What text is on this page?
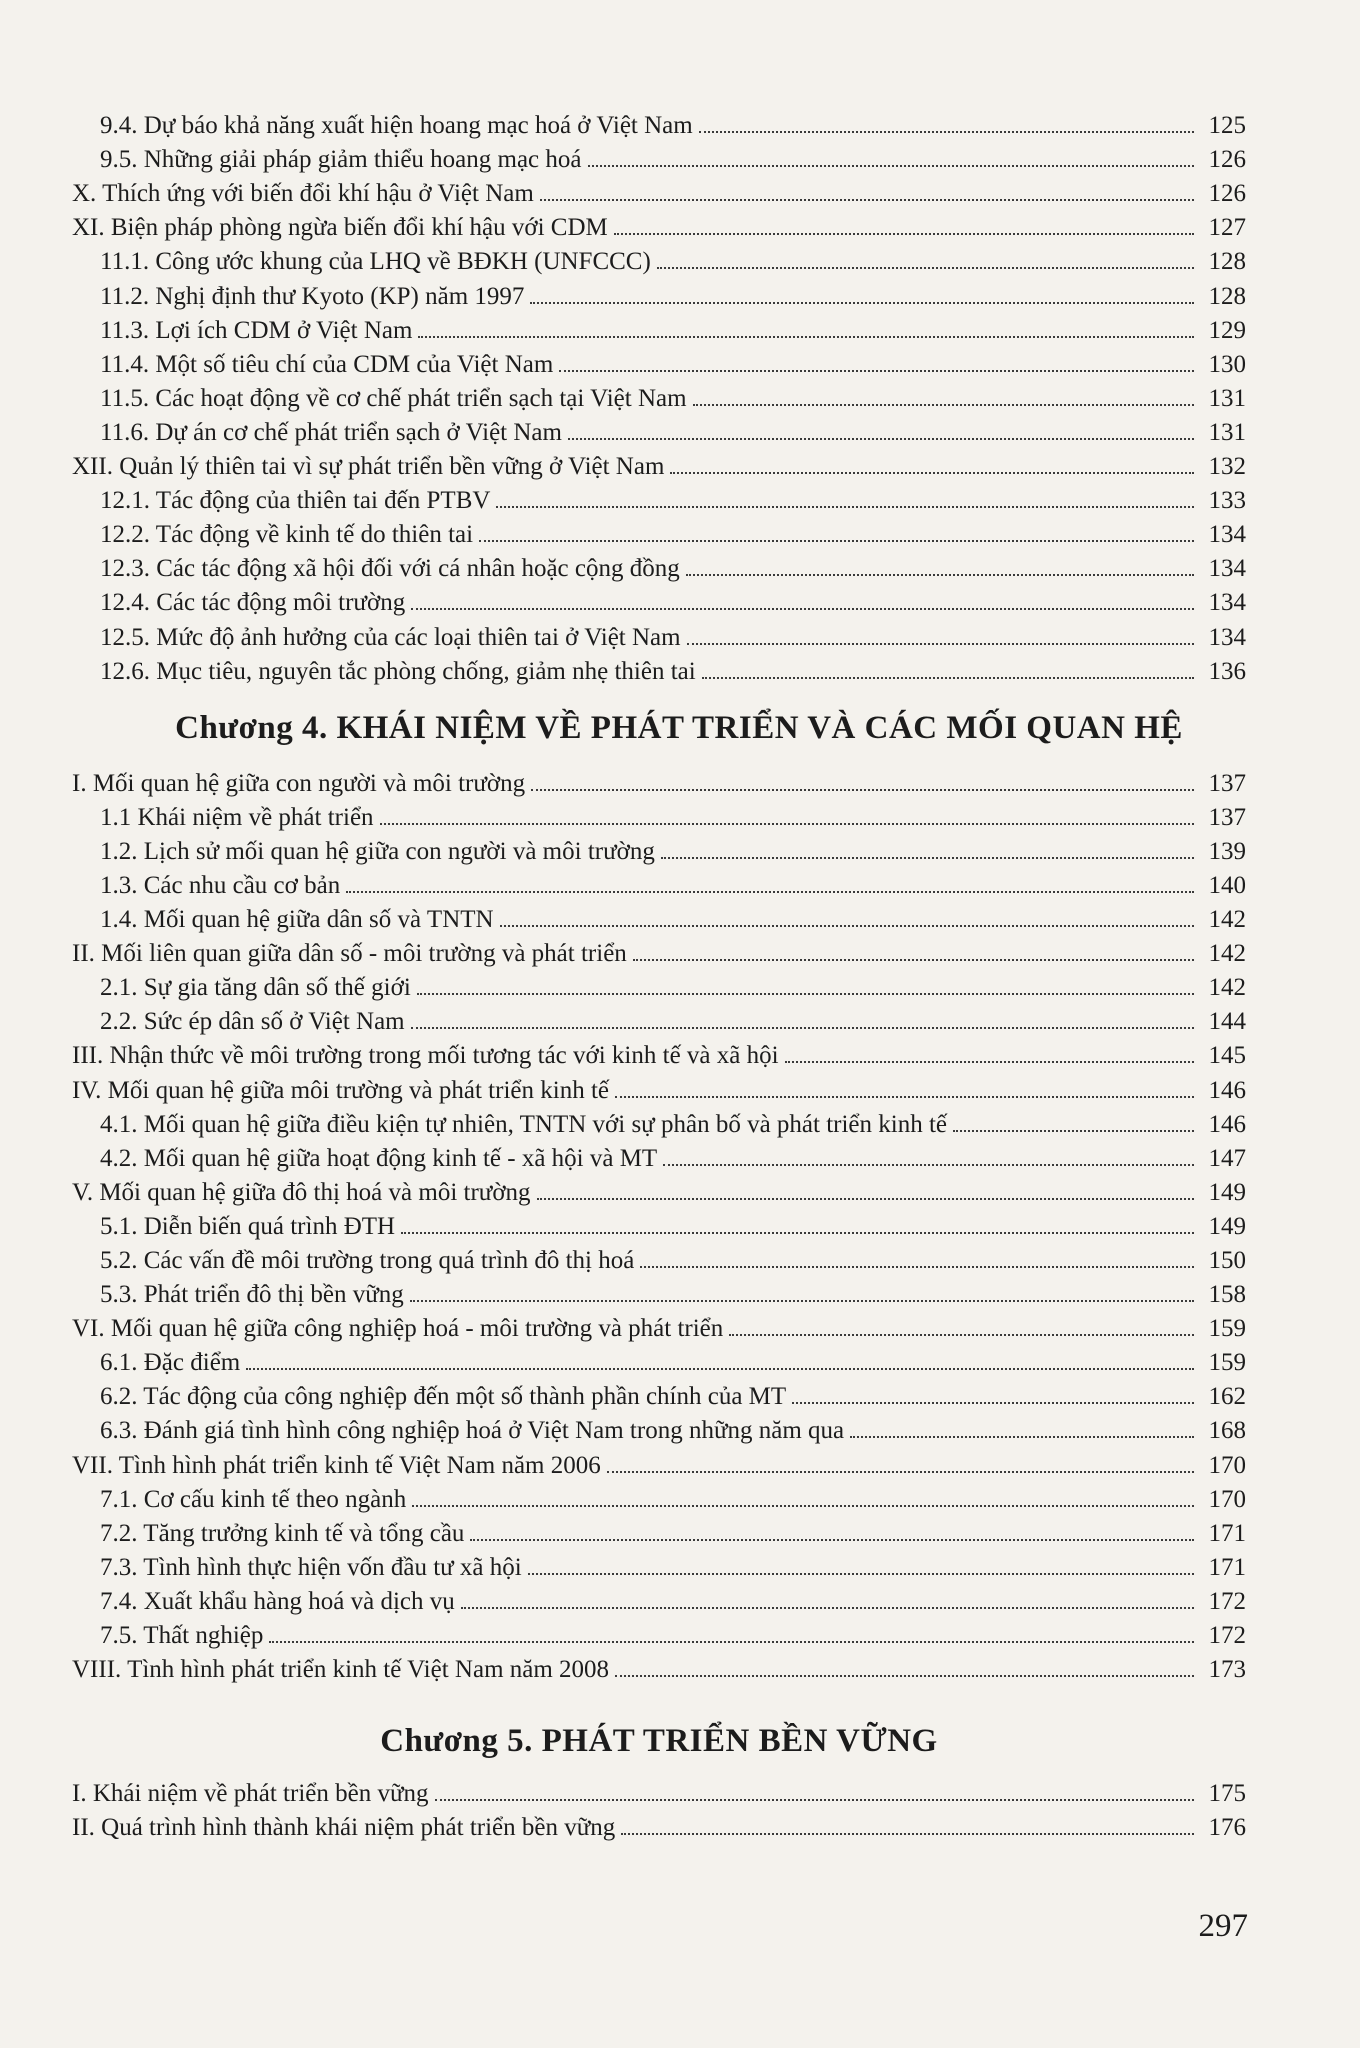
9.4. Dự báo khả năng xuất hiện hoang mạc hoá ở Việt Nam	125
9.5. Những giải pháp giảm thiểu hoang mạc hoá	126
X. Thích ứng với biến đổi khí hậu ở Việt Nam	126
XI. Biện pháp phòng ngừa biến đổi khí hậu với CDM	127
11.1. Công ước khung của LHQ về BĐKH (UNFCCC)	128
11.2. Nghị định thư Kyoto (KP) năm 1997	128
11.3. Lợi ích CDM ở Việt Nam	129
11.4. Một số tiêu chí của CDM của Việt Nam	130
11.5. Các hoạt động về cơ chế phát triển sạch tại Việt Nam	131
11.6. Dự án cơ chế phát triển sạch ở Việt Nam	131
XII. Quản lý thiên tai vì sự phát triển bền vững ở Việt Nam	132
12.1. Tác động của thiên tai đến PTBV	133
12.2. Tác động về kinh tế do thiên tai	134
12.3. Các tác động xã hội đối với cá nhân hoặc cộng đồng	134
12.4. Các tác động môi trường	134
12.5. Mức độ ảnh hưởng của các loại thiên tai ở Việt Nam	134
12.6. Mục tiêu, nguyên tắc phòng chống, giảm nhẹ thiên tai	136
Chương 4. KHÁI NIỆM VỀ PHÁT TRIỂN VÀ CÁC MỐI QUAN HỆ
I. Mối quan hệ giữa con người và môi trường	137
1.1 Khái niệm về phát triển	137
1.2. Lịch sử mối quan hệ giữa con người và môi trường	139
1.3. Các nhu cầu cơ bản	140
1.4. Mối quan hệ giữa dân số và TNTN	142
II. Mối liên quan giữa dân số - môi trường và phát triển	142
2.1. Sự gia tăng dân số thế giới	142
2.2. Sức ép dân số ở Việt Nam	144
III. Nhận thức về môi trường trong mối tương tác với kinh tế và xã hội	145
IV. Mối quan hệ giữa môi trường và phát triển kinh tế	146
4.1. Mối quan hệ giữa điều kiện tự nhiên, TNTN với sự phân bố và phát triển kinh tế	146
4.2. Mối quan hệ giữa hoạt động kinh tế - xã hội và MT	147
V. Mối quan hệ giữa đô thị hoá và môi trường	149
5.1. Diễn biến quá trình ĐTH	149
5.2. Các vấn đề môi trường trong quá trình đô thị hoá	150
5.3. Phát triển đô thị bền vững	158
VI. Mối quan hệ giữa công nghiệp hoá - môi trường và phát triển	159
6.1. Đặc điểm	159
6.2. Tác động của công nghiệp đến một số thành phần chính của MT	162
6.3. Đánh giá tình hình công nghiệp hoá ở Việt Nam trong những năm qua	168
VII. Tình hình phát triển kinh tế Việt Nam năm 2006	170
7.1. Cơ cấu kinh tế theo ngành	170
7.2. Tăng trưởng kinh tế và tổng cầu	171
7.3. Tình hình thực hiện vốn đầu tư xã hội	171
7.4. Xuất khẩu hàng hoá và dịch vụ	172
7.5. Thất nghiệp	172
VIII. Tình hình phát triển kinh tế Việt Nam năm 2008	173
Chương 5. PHÁT TRIỂN BỀN VỮNG
I. Khái niệm về phát triển bền vững	175
II. Quá trình hình thành khái niệm phát triển bền vững	176
297
